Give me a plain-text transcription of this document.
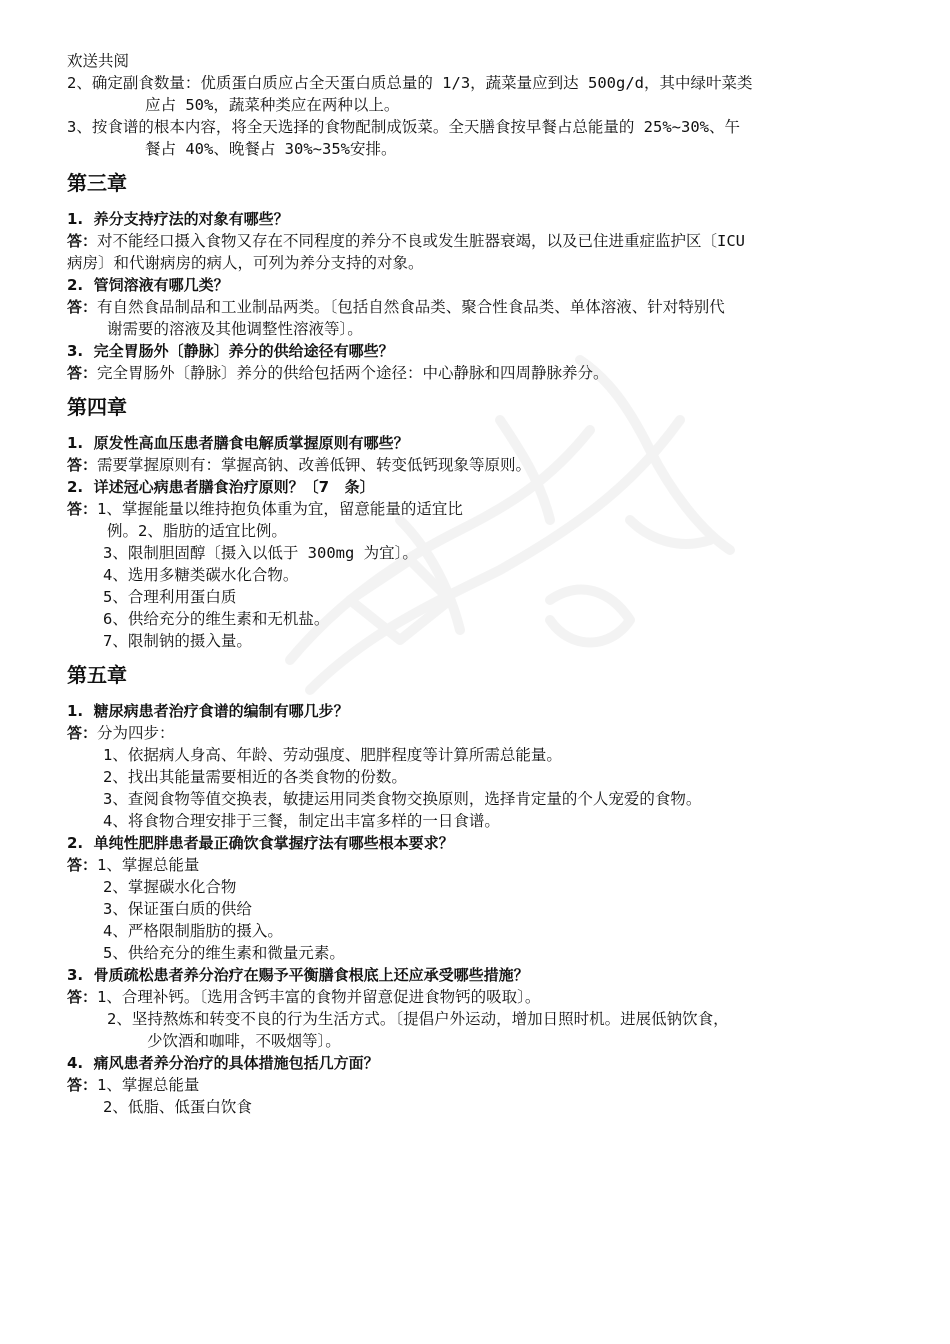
欢送共阅
2、确定副食数量：优质蛋白质应占全天蛋白质总量的 1/3，蔬菜量应到达 500g/d，其中绿叶菜类
应占 50%，蔬菜种类应在两种以上。
3、按食谱的根本内容，将全天选择的食物配制成饭菜。全天膳食按早餐占总能量的 25%~30%、午
餐占 40%、晚餐占 30%~35%安排。
第三章
1.  养分支持疗法的对象有哪些？
答：对不能经口摄入食物又存在不同程度的养分不良或发生脏器衰竭，以及已住进重症监护区〔ICU
病房〕和代谢病房的病人，可列为养分支持的对象。
2.  管饲溶液有哪几类？
答：有自然食品制品和工业制品两类。〔包括自然食品类、聚合性食品类、单体溶液、针对特别代
谢需要的溶液及其他调整性溶液等〕。
3.  完全胃肠外〔静脉〕养分的供给途径有哪些？
答：完全胃肠外〔静脉〕养分的供给包括两个途径：中心静脉和四周静脉养分。
第四章
1.  原发性高血压患者膳食电解质掌握原则有哪些？
答：需要掌握原则有：掌握高钠、改善低钾、转变低钙现象等原则。
2.  详述冠心病患者膳食治疗原则？〔7   条〕
答：1、掌握能量以维持抱负体重为宜，留意能量的适宜比
例。2、脂肪的适宜比例。
3、限制胆固醇〔摄入以低于 300mg 为宜〕。
4、选用多糖类碳水化合物。
5、合理利用蛋白质
6、供给充分的维生素和无机盐。
7、限制钠的摄入量。
第五章
1.  糖尿病患者治疗食谱的编制有哪几步？
答：分为四步：
1、依据病人身高、年龄、劳动强度、肥胖程度等计算所需总能量。
2、找出其能量需要相近的各类食物的份数。
3、查阅食物等值交换表，敏捷运用同类食物交换原则，选择肯定量的个人宠爱的食物。
4、将食物合理安排于三餐，制定出丰富多样的一日食谱。
2.  单纯性肥胖患者最正确饮食掌握疗法有哪些根本要求？
答：1、掌握总能量
2、掌握碳水化合物
3、保证蛋白质的供给
4、严格限制脂肪的摄入。
5、供给充分的维生素和微量元素。
3.  骨质疏松患者养分治疗在赐予平衡膳食根底上还应承受哪些措施？
答：1、合理补钙。〔选用含钙丰富的食物并留意促进食物钙的吸取〕。
2、坚持熬炼和转变不良的行为生活方式。〔提倡户外运动，增加日照时机。进展低钠饮食，
少饮酒和咖啡，不吸烟等〕。
4.  痛风患者养分治疗的具体措施包括几方面？
答：1、掌握总能量
2、低脂、低蛋白饮食
